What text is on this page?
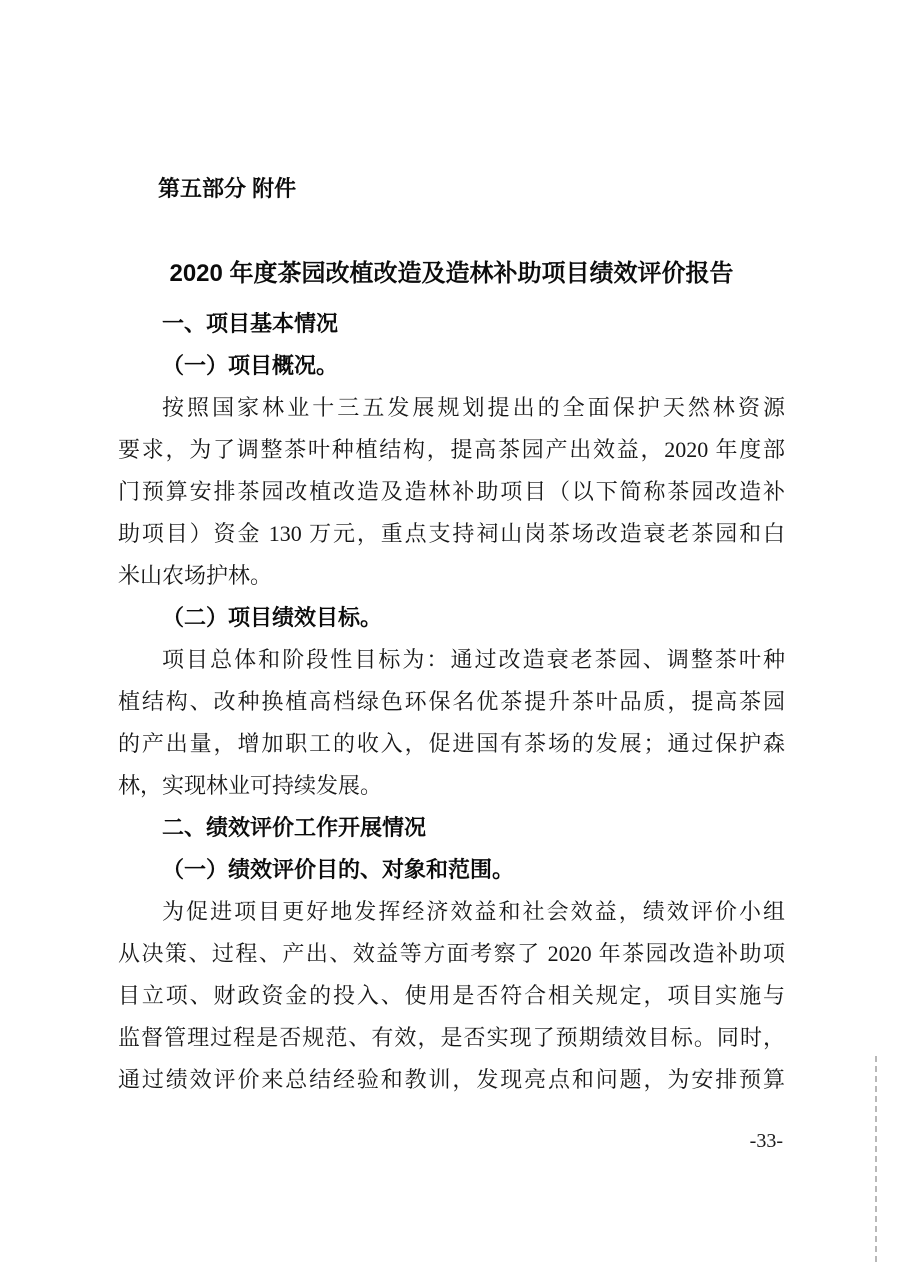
第五部分 附件
2020 年度茶园改植改造及造林补助项目绩效评价报告
一、项目基本情况
（一）项目概况。
按照国家林业十三五发展规划提出的全面保护天然林资源
要求，为了调整茶叶种植结构，提高茶园产出效益，2020 年度部
门预算安排茶园改植改造及造林补助项目（以下简称茶园改造补
助项目）资金 130 万元，重点支持祠山岗茶场改造衰老茶园和白
米山农场护林。
（二）项目绩效目标。
项目总体和阶段性目标为：通过改造衰老茶园、调整茶叶种
植结构、改种换植高档绿色环保名优茶提升茶叶品质，提高茶园
的产出量，增加职工的收入，促进国有茶场的发展；通过保护森
林，实现林业可持续发展。
二、绩效评价工作开展情况
（一）绩效评价目的、对象和范围。
为促进项目更好地发挥经济效益和社会效益，绩效评价小组
从决策、过程、产出、效益等方面考察了 2020 年茶园改造补助项
目立项、财政资金的投入、使用是否符合相关规定，项目实施与
监督管理过程是否规范、有效，是否实现了预期绩效目标。同时，
通过绩效评价来总结经验和教训，发现亮点和问题，为安排预算
-33-
